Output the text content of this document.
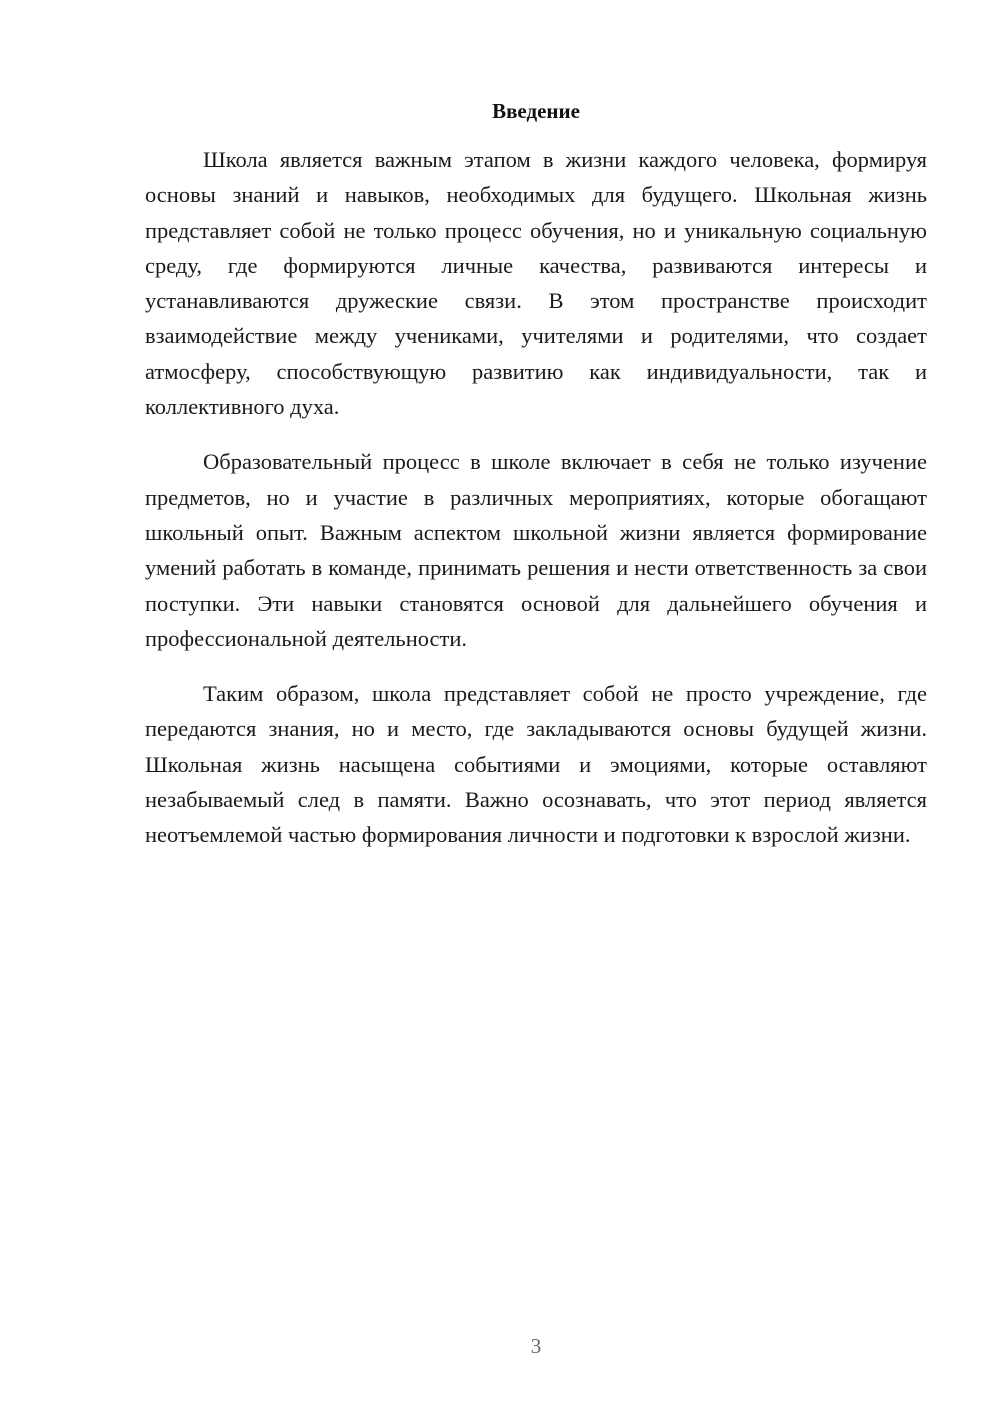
Введение

Школа является важным этапом в жизни каждого человека, формируя основы знаний и навыков, необходимых для будущего. Школьная жизнь представляет собой не только процесс обучения, но и уникальную социальную среду, где формируются личные качества, развиваются интересы и устанавливаются дружеские связи. В этом пространстве происходит взаимодействие между учениками, учителями и родителями, что создает атмосферу, способствующую развитию как индивидуальности, так и коллективного духа.

Образовательный процесс в школе включает в себя не только изучение предметов, но и участие в различных мероприятиях, которые обогащают школьный опыт. Важным аспектом школьной жизни является формирование умений работать в команде, принимать решения и нести ответственность за свои поступки. Эти навыки становятся основой для дальнейшего обучения и профессиональной деятельности.

Таким образом, школа представляет собой не просто учреждение, где передаются знания, но и место, где закладываются основы будущей жизни. Школьная жизнь насыщена событиями и эмоциями, которые оставляют незабываемый след в памяти. Важно осознавать, что этот период является неотъемлемой частью формирования личности и подготовки к взрослой жизни.

3
